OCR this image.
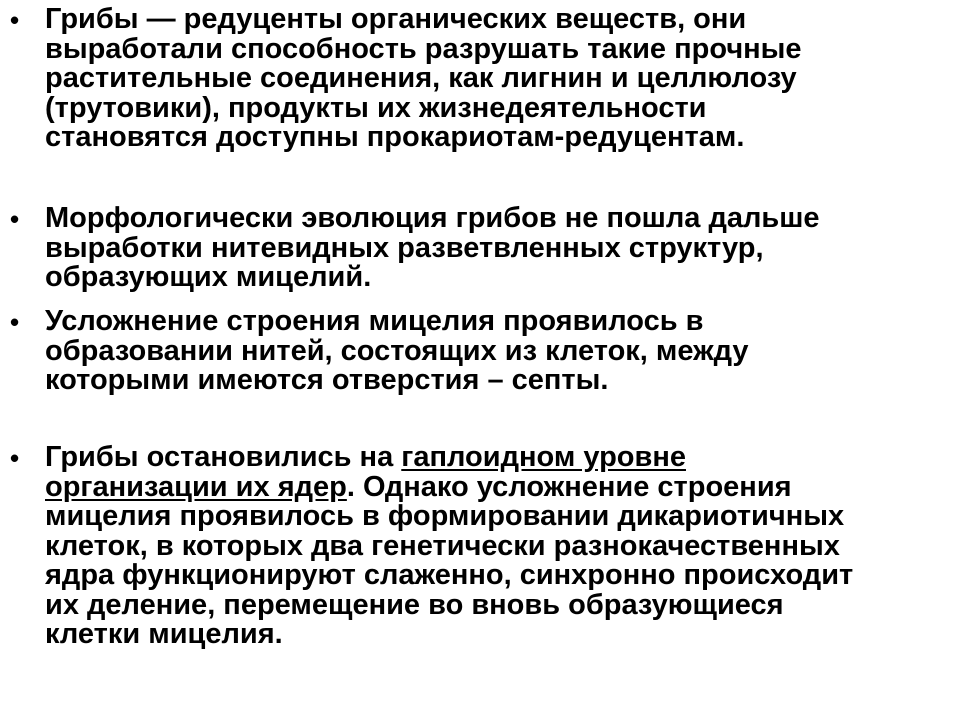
• Грибы — редуценты органических веществ, они
выработали способность разрушать такие прочные
растительные соединения, как лигнин и целлюлозу
(трутовики), продукты их жизнедеятельности
становятся доступны прокариотам-редуцентам.
• Морфологически эволюция грибов не пошла дальше
выработки нитевидных разветвленных структур,
образующих мицелий.
• Усложнение строения мицелия проявилось в
образовании нитей, состоящих из клеток, между
которыми имеются отверстия – септы.
• Грибы остановились на гаплоидном уровне
организации их ядер. Однако усложнение строения
мицелия проявилось в формировании дикариотичных
клеток, в которых два генетически разнокачественных
ядра функционируют слаженно, синхронно происходит
их деление, перемещение во вновь образующиеся
клетки мицелия.
